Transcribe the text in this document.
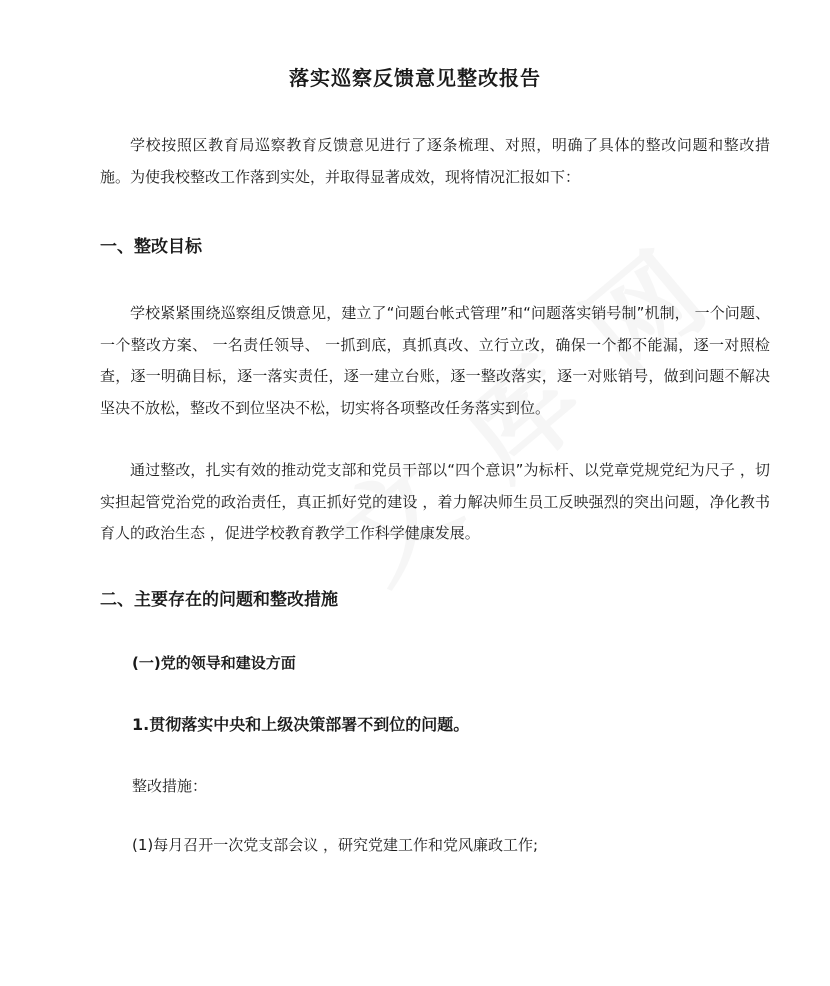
落实巡察反馈意见整改报告
学校按照区教育局巡察教育反馈意见进行了逐条梳理、对照，明确了具体的整改问题和整改措施。为使我校整改工作落到实处，并取得显著成效，现将情况汇报如下：
一、整改目标
学校紧紧围绕巡察组反馈意见，建立了“问题台帐式管理”和“问题落实销号制”机制， 一个问题、 一个整改方案、 一名责任领导、 一抓到底，真抓真改、立行立改，确保一个都不能漏，逐一对照检查，逐一明确目标，逐一落实责任，逐一建立台账，逐一整改落实，逐一对账销号，做到问题不解决坚决不放松，整改不到位坚决不松，切实将各项整改任务落实到位。
通过整改，扎实有效的推动党支部和党员干部以“四个意识”为标杆、以党章党规党纪为尺子 ，切实担起管党治党的政治责任，真正抓好党的建设 ，着力解决师生员工反映强烈的突出问题，净化教书育人的政治生态 ，促进学校教育教学工作科学健康发展。
二、主要存在的问题和整改措施
(一)党的领导和建设方面
1.贯彻落实中央和上级决策部署不到位的问题。
整改措施：
(1)每月召开一次党支部会议 ，研究党建工作和党风廉政工作;
